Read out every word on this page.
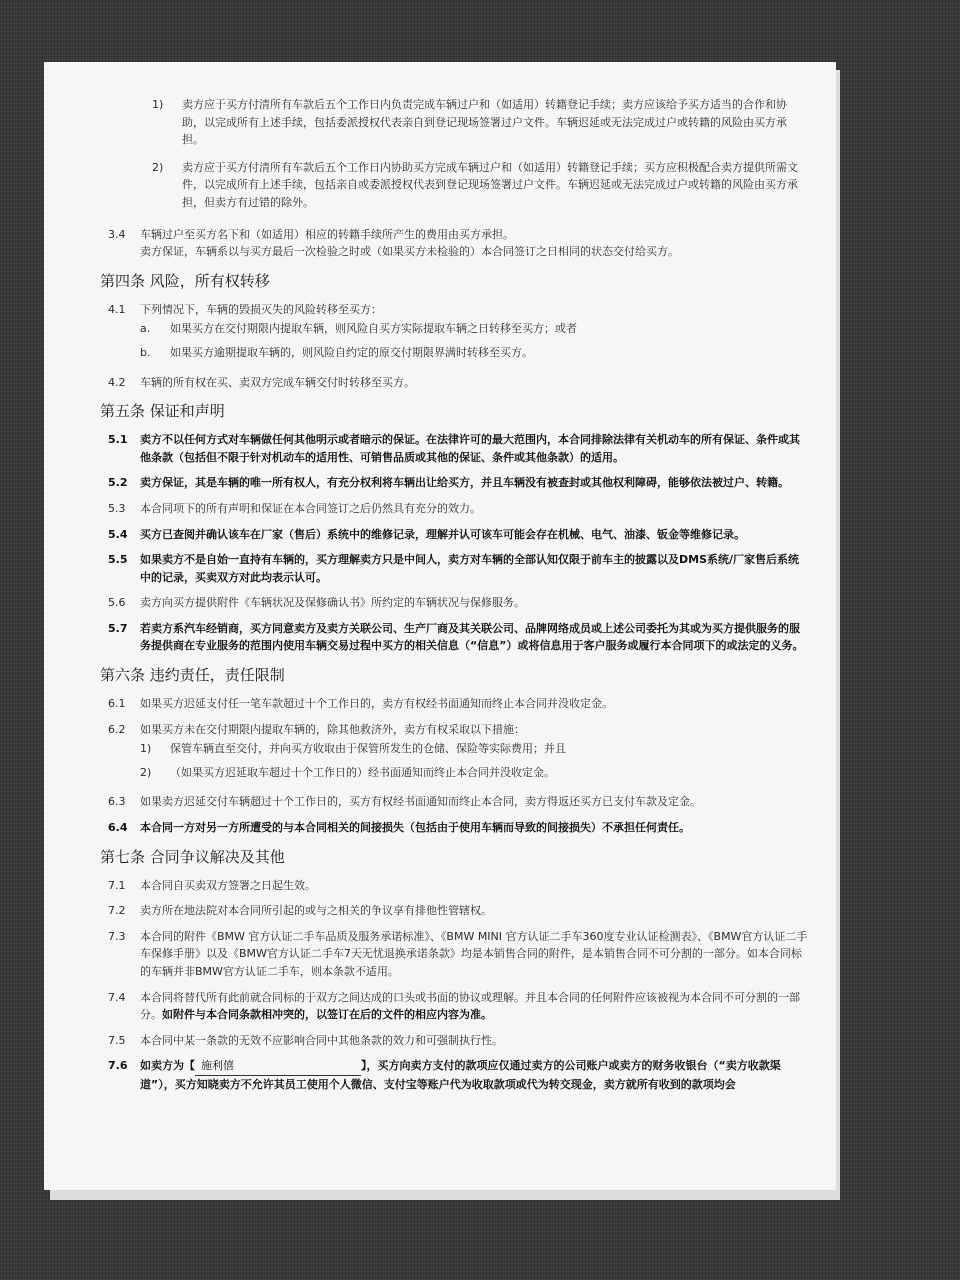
1)	卖方应于买方付清所有车款后五个工作日内负责完成车辆过户和（如适用）转籍登记手续；卖方应该给予买方适当的合作和协助，以完成所有上述手续，包括委派授权代表亲自到登记现场签署过户文件。车辆迟延或无法完成过户或转籍的风险由买方承担。
2)	卖方应于买方付清所有车款后五个工作日内协助买方完成车辆过户和（如适用）转籍登记手续；买方应积极配合卖方提供所需文件，以完成所有上述手续，包括亲自或委派授权代表到登记现场签署过户文件。车辆迟延或无法完成过户或转籍的风险由买方承担，但卖方有过错的除外。
3.4	车辆过户至买方名下和（如适用）相应的转籍手续所产生的费用由买方承担。
卖方保证，车辆系以与买方最后一次检验之时或（如果买方未检验的）本合同签订之日相同的状态交付给买方。
第四条 风险，所有权转移
4.1	下列情况下，车辆的毁损灭失的风险转移至买方：
a.	如果买方在交付期限内提取车辆，则风险自买方实际提取车辆之日转移至买方；或者
b.	如果买方逾期提取车辆的，则风险自约定的原交付期限界满时转移至买方。
4.2	车辆的所有权在买、卖双方完成车辆交付时转移至买方。
第五条 保证和声明
5.1	卖方不以任何方式对车辆做任何其他明示或者暗示的保证。在法律许可的最大范围内，本合同排除法律有关机动车的所有保证、条件或其他条款（包括但不限于针对机动车的适用性、可销售品质或其他的保证、条件或其他条款）的适用。
5.2	卖方保证，其是车辆的唯一所有权人，有充分权利将车辆出让给买方，并且车辆没有被查封或其他权利障碍，能够依法被过户、转籍。
5.3	本合同项下的所有声明和保证在本合同签订之后仍然具有充分的效力。
5.4	买方已查阅并确认该车在厂家（售后）系统中的维修记录，理解并认可该车可能会存在机械、电气、油漆、钣金等维修记录。
5.5	如果卖方不是自始一直持有车辆的，买方理解卖方只是中间人，卖方对车辆的全部认知仅限于前车主的披露以及DMS系统/厂家售后系统中的记录，买卖双方对此均表示认可。
5.6	卖方向买方提供附件《车辆状况及保修确认书》所约定的车辆状况与保修服务。
5.7	若卖方系汽车经销商，买方同意卖方及卖方关联公司、生产厂商及其关联公司、品牌网络成员或上述公司委托为其或为买方提供服务的服务提供商在专业服务的范围内使用车辆交易过程中买方的相关信息（“信息”）或将信息用于客户服务或履行本合同项下的或法定的义务。
第六条 违约责任，责任限制
6.1	如果买方迟延支付任一笔车款超过十个工作日的，卖方有权经书面通知而终止本合同并没收定金。
6.2	如果买方未在交付期限内提取车辆的，除其他救济外，卖方有权采取以下措施：
1)	保管车辆直至交付，并向买方收取由于保管所发生的仓储、保险等实际费用；并且
2)	（如果买方迟延取车超过十个工作日的）经书面通知而终止本合同并没收定金。
6.3	如果卖方迟延交付车辆超过十个工作日的，买方有权经书面通知而终止本合同，卖方得返还买方已支付车款及定金。
6.4	本合同一方对另一方所遭受的与本合同相关的间接损失（包括由于使用车辆而导致的间接损失）不承担任何责任。
第七条 合同争议解决及其他
7.1	本合同自买卖双方签署之日起生效。
7.2	卖方所在地法院对本合同所引起的或与之相关的争议享有排他性管辖权。
7.3	本合同的附件《BMW 官方认证二手车品质及服务承诺标准》、《BMW MINI 官方认证二手车360度专业认证检测表》、《BMW官方认证二手车保修手册》以及《BMW官方认证二手车7天无忧退换承诺条款》均是本销售合同的附件，是本销售合同不可分割的一部分。如本合同标的车辆并非BMW官方认证二手车，则本条款不适用。
7.4	本合同将替代所有此前就合同标的于双方之间达成的口头或书面的协议或理解。并且本合同的任何附件应该被视为本合同不可分割的一部分。如附件与本合同条款相冲突的，以签订在后的文件的相应内容为准。
7.5	本合同中某一条款的无效不应影响合同中其他条款的效力和可强制执行性。
7.6	如卖方为【 施利僖	】，买方向卖方支付的款项应仅通过卖方的公司账户或卖方的财务收银台（“卖方收款渠道”），买方知晓卖方不允许其员工使用个人微信、支付宝等账户代为收取款项或代为转交现金，卖方就所有收到的款项均会
